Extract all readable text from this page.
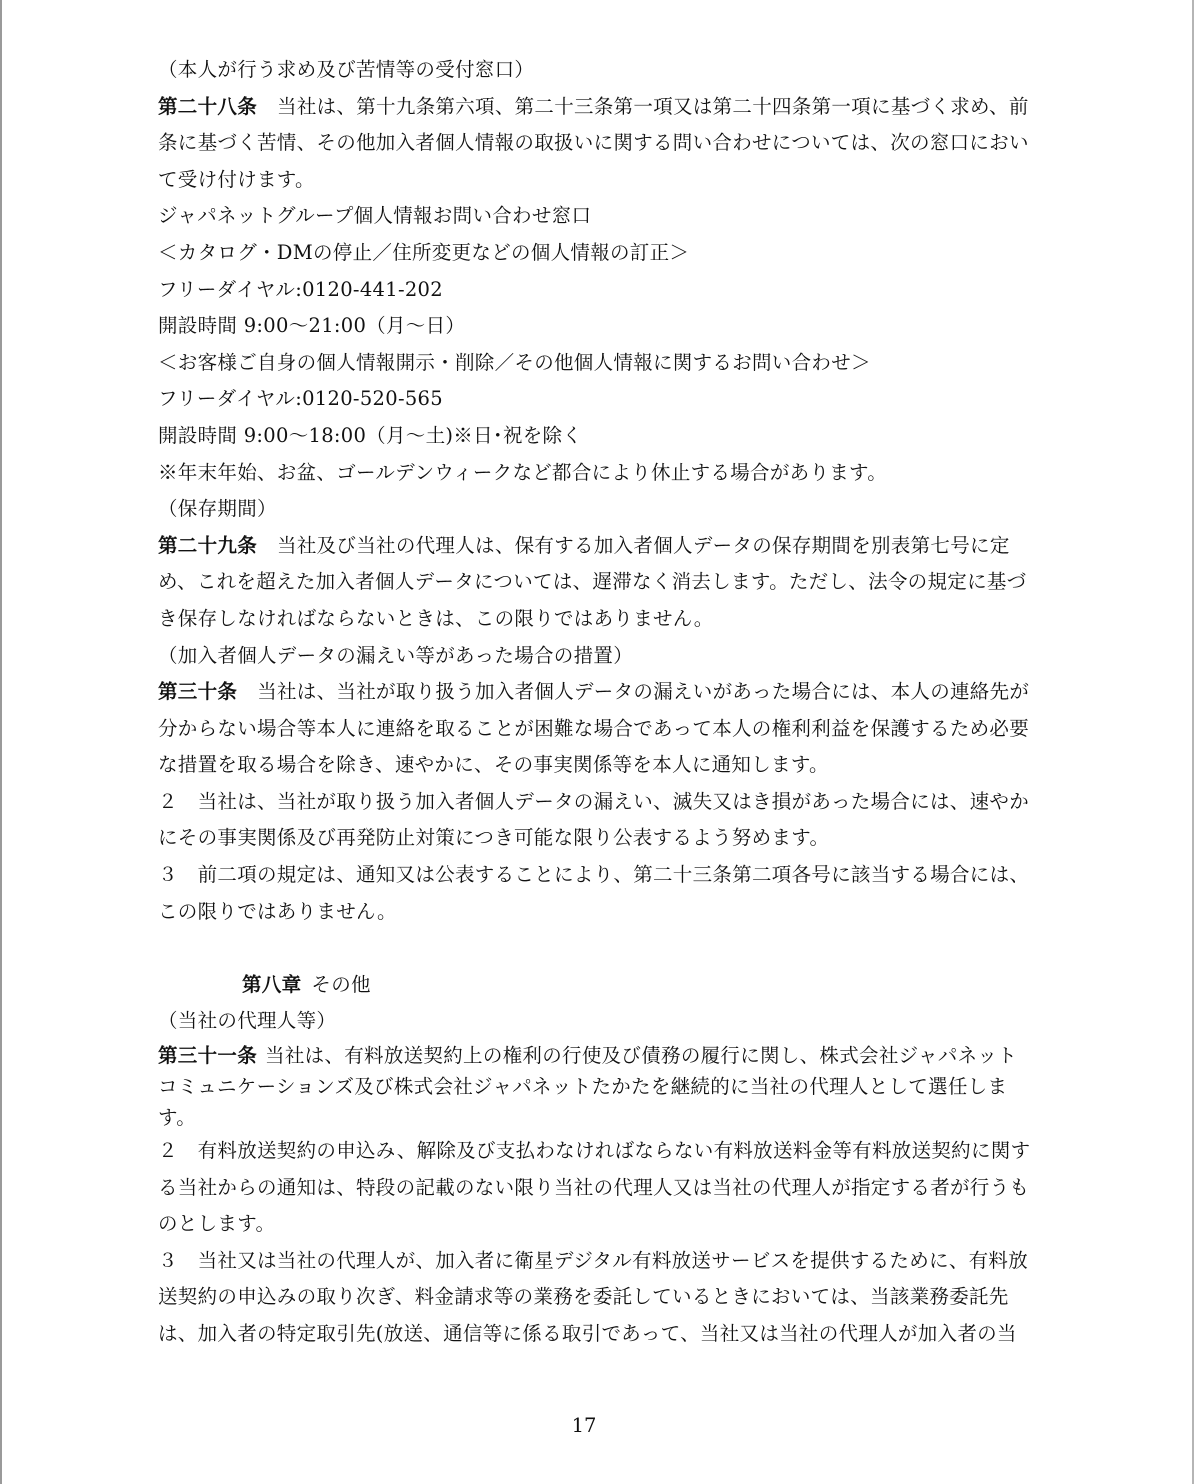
（本人が行う求め及び苦情等の受付窓口）
第二十八条 当社は、第十九条第六項、第二十三条第一項又は第二十四条第一項に基づく求め、前
条に基づく苦情、その他加入者個人情報の取扱いに関する問い合わせについては、次の窓口におい
て受け付けます。
ジャパネットグループ個人情報お問い合わせ窓口
＜カタログ・DMの停止／住所変更などの個人情報の訂正＞
フリーダイヤル:0120-441-202
開設時間 9:00～21:00（月～日）
＜お客様ご自身の個人情報開示・削除／その他個人情報に関するお問い合わせ＞
フリーダイヤル:0120-520-565
開設時間 9:00～18:00（月～土)※日･祝を除く
※年末年始、お盆、ゴールデンウィークなど都合により休止する場合があります。
（保存期間）
第二十九条 当社及び当社の代理人は、保有する加入者個人データの保存期間を別表第七号に定
め、これを超えた加入者個人データについては、遅滞なく消去します。ただし、法令の規定に基づ
き保存しなければならないときは、この限りではありません。
（加入者個人データの漏えい等があった場合の措置）
第三十条 当社は、当社が取り扱う加入者個人データの漏えいがあった場合には、本人の連絡先が
分からない場合等本人に連絡を取ることが困難な場合であって本人の権利利益を保護するため必要
な措置を取る場合を除き、速やかに、その事実関係等を本人に通知します。
２　当社は、当社が取り扱う加入者個人データの漏えい、滅失又はき損があった場合には、速やか
にその事実関係及び再発防止対策につき可能な限り公表するよう努めます。
３　前二項の規定は、通知又は公表することにより、第二十三条第二項各号に該当する場合には、
この限りではありません。
第八章 その他
（当社の代理人等）
第三十一条 当社は、有料放送契約上の権利の行使及び債務の履行に関し、株式会社ジャパネット
コミュニケーションズ及び株式会社ジャパネットたかたを継続的に当社の代理人として選任しま
す。
２　有料放送契約の申込み、解除及び支払わなければならない有料放送料金等有料放送契約に関す
る当社からの通知は、特段の記載のない限り当社の代理人又は当社の代理人が指定する者が行うも
のとします。
３　当社又は当社の代理人が、加入者に衛星デジタル有料放送サービスを提供するために、有料放
送契約の申込みの取り次ぎ、料金請求等の業務を委託しているときにおいては、当該業務委託先
は、加入者の特定取引先(放送、通信等に係る取引であって、当社又は当社の代理人が加入者の当
17
